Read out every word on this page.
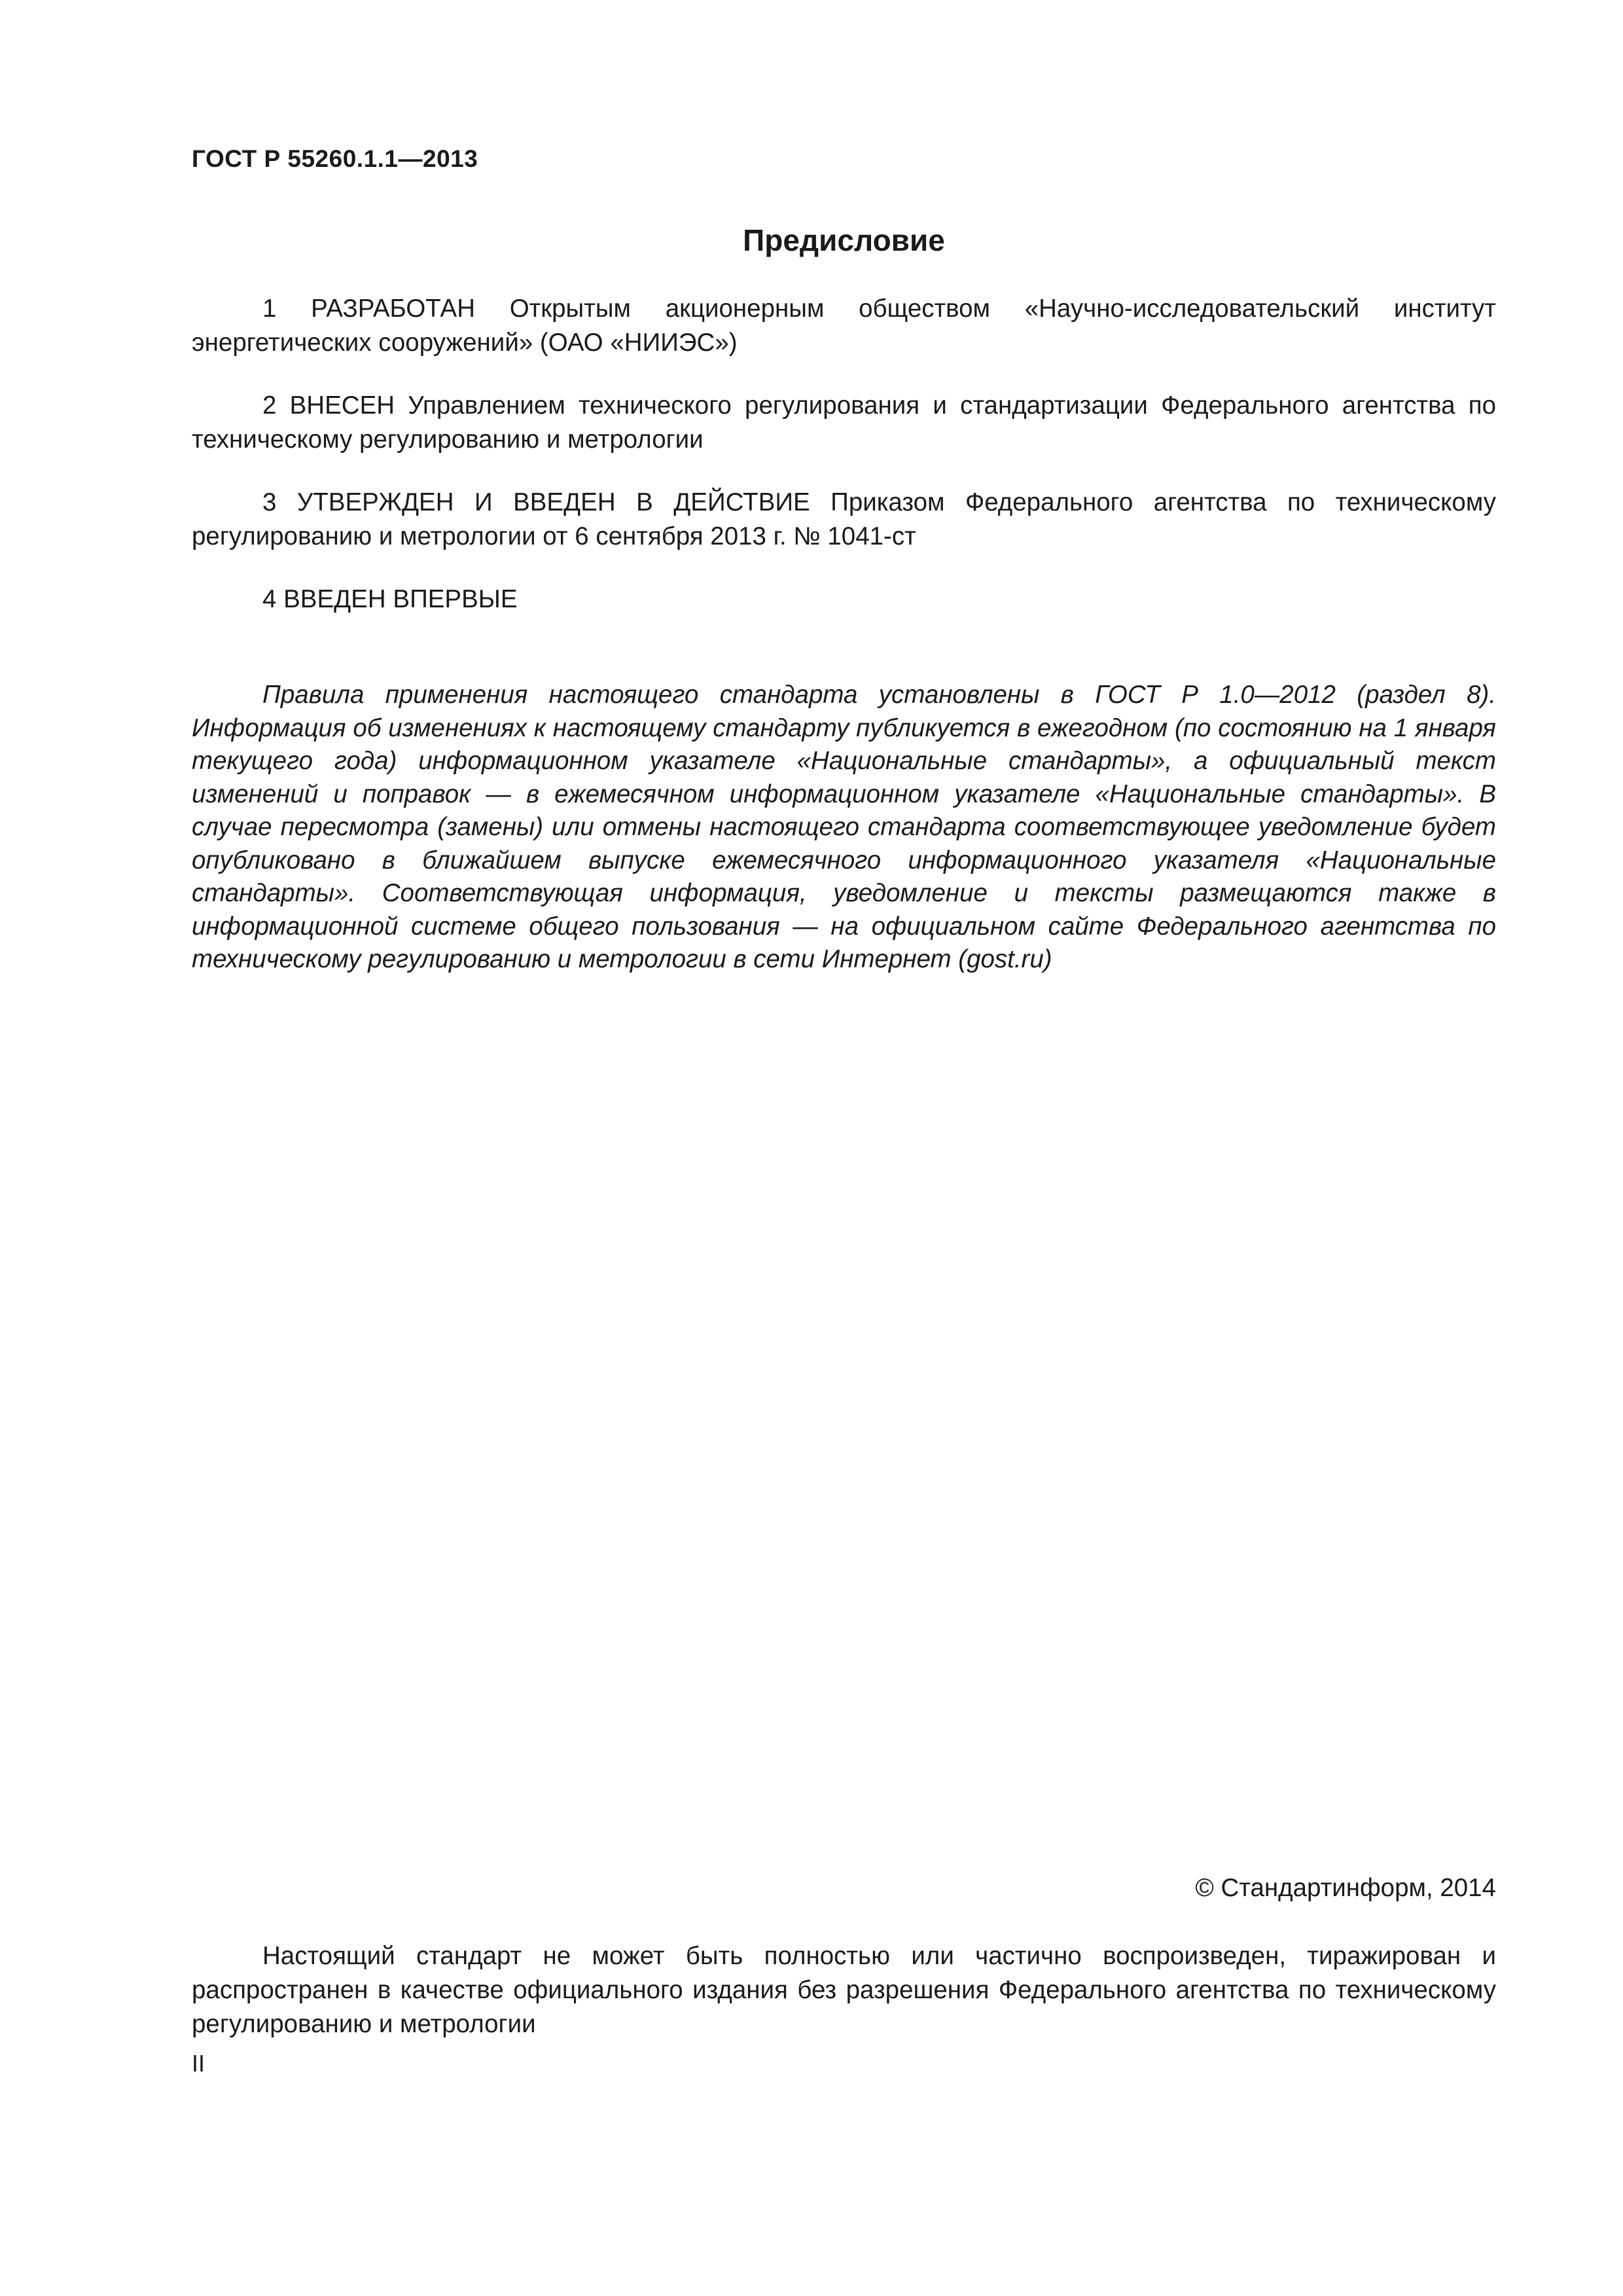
ГОСТ Р 55260.1.1—2013
Предисловие

1 РАЗРАБОТАН Открытым акционерным обществом «Научно-исследовательский институт энергетических сооружений» (ОАО «НИИЭС»)

2 ВНЕСЕН Управлением технического регулирования и стандартизации Федерального агентства по техническому регулированию и метрологии

3 УТВЕРЖДЕН И ВВЕДЕН В ДЕЙСТВИЕ Приказом Федерального агентства по техническому регулированию и метрологии от 6 сентября 2013 г. № 1041-ст

4 ВВЕДЕН ВПЕРВЫЕ

Правила применения настоящего стандарта установлены в ГОСТ Р 1.0—2012 (раздел 8). Информация об изменениях к настоящему стандарту публикуется в ежегодном (по состоянию на 1 января текущего года) информационном указателе «Национальные стандарты», а официальный текст изменений и поправок — в ежемесячном информационном указателе «Национальные стандарты». В случае пересмотра (замены) или отмены настоящего стандарта соответствующее уведомление будет опубликовано в ближайшем выпуске ежемесячного информационного указателя «Национальные стандарты». Соответствующая информация, уведомление и тексты размещаются также в информационной системе общего пользования — на официальном сайте Федерального агентства по техническому регулированию и метрологии в сети Интернет (gost.ru)

© Стандартинформ, 2014

Настоящий стандарт не может быть полностью или частично воспроизведен, тиражирован и распространен в качестве официального издания без разрешения Федерального агентства по техническому регулированию и метрологии

II
